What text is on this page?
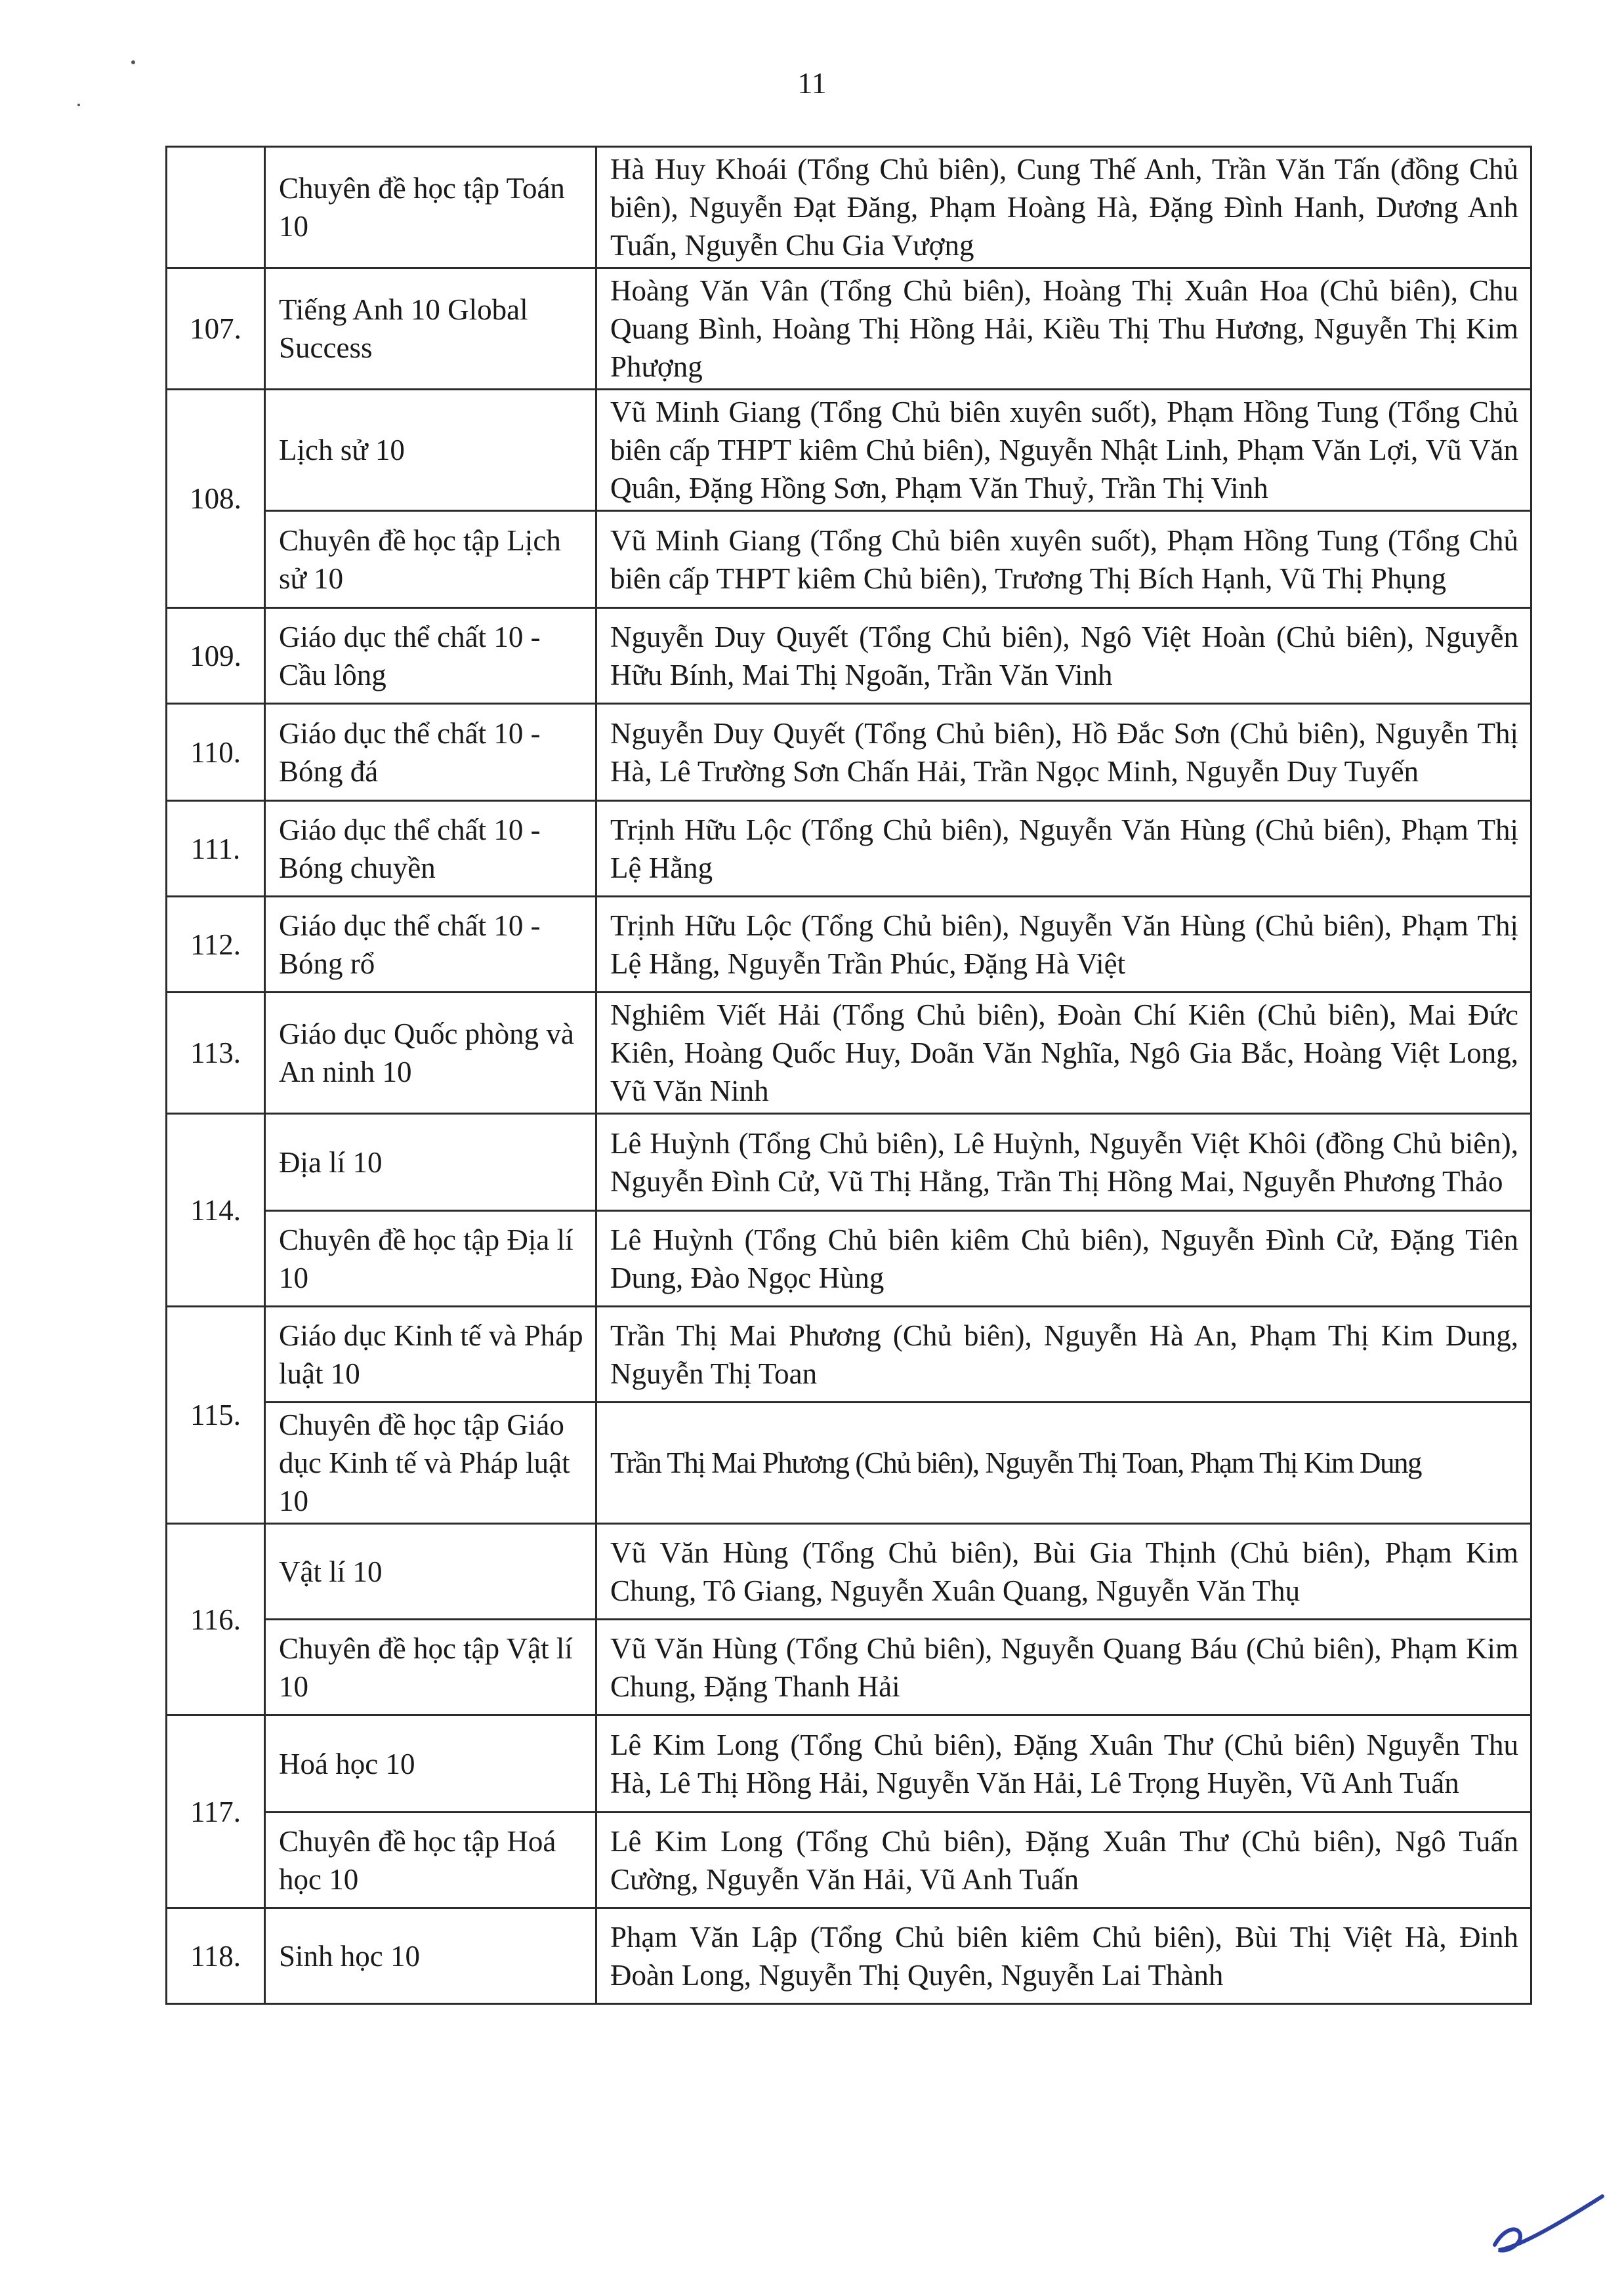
11
	Chuyên đề học tập Toán 10	Hà Huy Khoái (Tổng Chủ biên), Cung Thế Anh, Trần Văn Tấn (đồng Chủ biên), Nguyễn Đạt Đăng, Phạm Hoàng Hà, Đặng Đình Hanh, Dương Anh Tuấn, Nguyễn Chu Gia Vượng
107.	Tiếng Anh 10 Global Success	Hoàng Văn Vân (Tổng Chủ biên), Hoàng Thị Xuân Hoa (Chủ biên), Chu Quang Bình, Hoàng Thị Hồng Hải, Kiều Thị Thu Hương, Nguyễn Thị Kim Phượng
108.	Lịch sử 10	Vũ Minh Giang (Tổng Chủ biên xuyên suốt), Phạm Hồng Tung (Tổng Chủ biên cấp THPT kiêm Chủ biên), Nguyễn Nhật Linh, Phạm Văn Lợi, Vũ Văn Quân, Đặng Hồng Sơn, Phạm Văn Thuỷ, Trần Thị Vinh
	Chuyên đề học tập Lịch sử 10	Vũ Minh Giang (Tổng Chủ biên xuyên suốt), Phạm Hồng Tung (Tổng Chủ biên cấp THPT kiêm Chủ biên), Trương Thị Bích Hạnh, Vũ Thị Phụng
109.	Giáo dục thể chất 10 - Cầu lông	Nguyễn Duy Quyết (Tổng Chủ biên), Ngô Việt Hoàn (Chủ biên), Nguyễn Hữu Bính, Mai Thị Ngoãn, Trần Văn Vinh
110.	Giáo dục thể chất 10 - Bóng đá	Nguyễn Duy Quyết (Tổng Chủ biên), Hồ Đắc Sơn (Chủ biên), Nguyễn Thị Hà, Lê Trường Sơn Chấn Hải, Trần Ngọc Minh, Nguyễn Duy Tuyến
111.	Giáo dục thể chất 10 - Bóng chuyền	Trịnh Hữu Lộc (Tổng Chủ biên), Nguyễn Văn Hùng (Chủ biên), Phạm Thị Lệ Hằng
112.	Giáo dục thể chất 10 - Bóng rổ	Trịnh Hữu Lộc (Tổng Chủ biên), Nguyễn Văn Hùng (Chủ biên), Phạm Thị Lệ Hằng, Nguyễn Trần Phúc, Đặng Hà Việt
113.	Giáo dục Quốc phòng và An ninh 10	Nghiêm Viết Hải (Tổng Chủ biên), Đoàn Chí Kiên (Chủ biên), Mai Đức Kiên, Hoàng Quốc Huy, Doãn Văn Nghĩa, Ngô Gia Bắc, Hoàng Việt Long, Vũ Văn Ninh
114.	Địa lí 10	Lê Huỳnh (Tổng Chủ biên), Lê Huỳnh, Nguyễn Việt Khôi (đồng Chủ biên), Nguyễn Đình Cử, Vũ Thị Hằng, Trần Thị Hồng Mai, Nguyễn Phương Thảo
	Chuyên đề học tập Địa lí 10	Lê Huỳnh (Tổng Chủ biên kiêm Chủ biên), Nguyễn Đình Cử, Đặng Tiên Dung, Đào Ngọc Hùng
115.	Giáo dục Kinh tế và Pháp luật 10	Trần Thị Mai Phương (Chủ biên), Nguyễn Hà An, Phạm Thị Kim Dung, Nguyễn Thị Toan
	Chuyên đề học tập Giáo dục Kinh tế và Pháp luật 10	Trần Thị Mai Phương (Chủ biên), Nguyễn Thị Toan, Phạm Thị Kim Dung
116.	Vật lí 10	Vũ Văn Hùng (Tổng Chủ biên), Bùi Gia Thịnh (Chủ biên), Phạm Kim Chung, Tô Giang, Nguyễn Xuân Quang, Nguyễn Văn Thụ
	Chuyên đề học tập Vật lí 10	Vũ Văn Hùng (Tổng Chủ biên), Nguyễn Quang Báu (Chủ biên), Phạm Kim Chung, Đặng Thanh Hải
117.	Hoá học 10	Lê Kim Long (Tổng Chủ biên), Đặng Xuân Thư (Chủ biên) Nguyễn Thu Hà, Lê Thị Hồng Hải, Nguyễn Văn Hải, Lê Trọng Huyền, Vũ Anh Tuấn
	Chuyên đề học tập Hoá học 10	Lê Kim Long (Tổng Chủ biên), Đặng Xuân Thư (Chủ biên), Ngô Tuấn Cường, Nguyễn Văn Hải, Vũ Anh Tuấn
118.	Sinh học 10	Phạm Văn Lập (Tổng Chủ biên kiêm Chủ biên), Bùi Thị Việt Hà, Đinh Đoàn Long, Nguyễn Thị Quyên, Nguyễn Lai Thành
